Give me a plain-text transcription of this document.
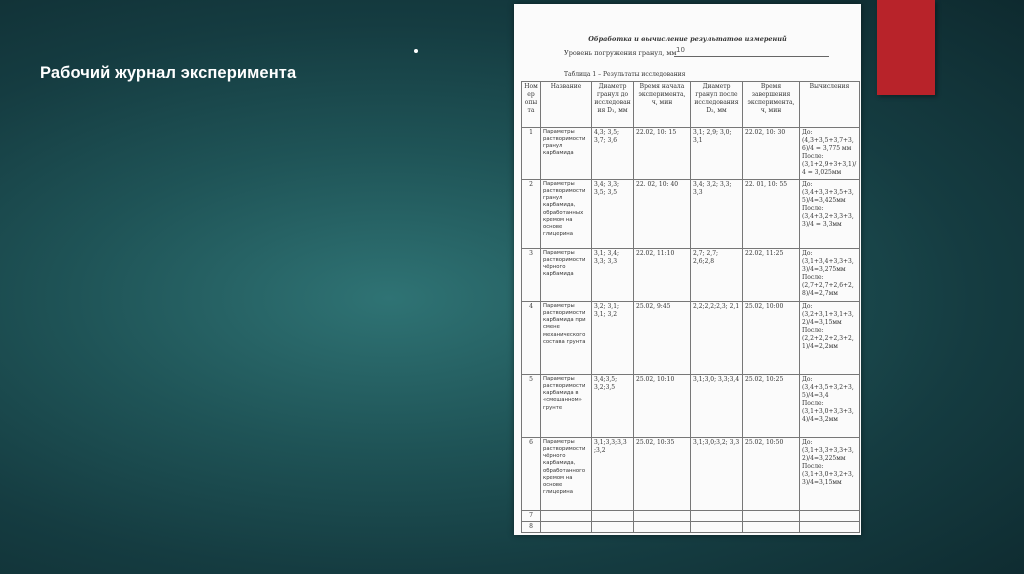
Рабочий журнал эксперимента
Обработка и вычисление результатов измерений
Уровень погружения гранул, мм 10
Таблица 1 – Результаты исследования
Номер опыта	Название	Диаметр гранул до исследования D₁, мм	Время начала эксперимента, ч, мин	Диаметр гранул после исследования D₂, мм	Время завершения эксперимента, ч, мин	Вычисления
1	Параметры растворимости гранул карбамида	4,3; 3,5; 3,7; 3,6	22.02, 10: 15	3,1; 2,9; 3,0; 3,1	22.02, 10: 30	До:
(4,3+3,5+3,7+3,6)/4 = 3,775 мм
После:
(3,1+2,9+3+3,1)/4 = 3,025мм
2	Параметры растворимости гранул карбамида, обработанных кремом на основе глицерина	3,4; 3,3; 3,5; 3,5	22. 02, 10: 40	3,4; 3,2; 3,3; 3,3	22. 01, 10: 55	До:
(3,4+3,3+3,5+3,5)/4=3,425мм
После:
(3,4+3,2+3,3+3,3)/4 = 3,3мм
3	Параметры растворимости чёрного карбамида	3,1; 3,4; 3,3; 3,3	22.02, 11:10	2,7; 2,7; 2,6;2,8	22.02, 11:25	До:
(3,1+3,4+3,3+3,3)/4=3,275мм
После:
(2,7+2,7+2,6+2,8)/4=2,7мм
4	Параметры растворимости карбамида при смене механического состава грунта	3,2; 3,1; 3,1; 3,2	25.02, 9:45	2,2;2,2;2,3; 2,1	25.02, 10:00	До:
(3,2+3,1+3,1+3,2)/4=3,15мм
После:
(2,2+2,2+2,3+2,1)/4=2,2мм
5	Параметры растворимости карбамида в «смешанном» грунте	3,4;3,5; 3,2;3,5	25.02, 10:10	3,1;3,0; 3,3;3,4	25.02, 10:25	До:
(3,4+3,5+3,2+3,5)/4=3,4
После:
(3,1+3,0+3,3+3,4)/4=3,2мм
6	Параметры растворимости чёрного карбамида, обработанного кремом на основе глицерина	3,1;3,3;3,3 ;3,2	25.02, 10:35	3,1;3,0;3,2; 3,3	25.02, 10:50	До:
(3,1+3,3+3,3+3,2)/4=3,225мм
После:
(3,1+3,0+3,2+3,3)/4=3,15мм
7						
8						
